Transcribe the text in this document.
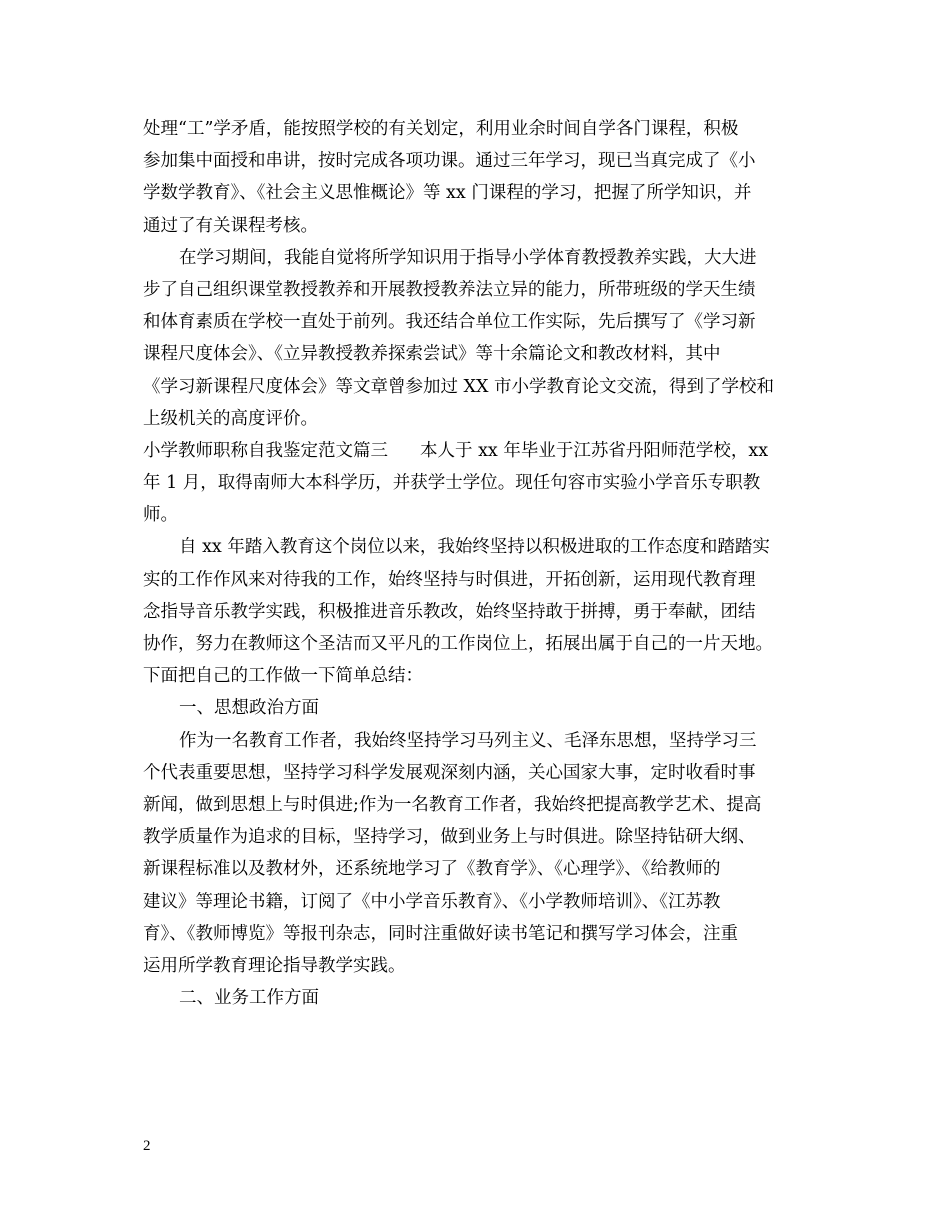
处理“工”学矛盾，能按照学校的有关划定，利用业余时间自学各门课程，积极
参加集中面授和串讲，按时完成各项功课。通过三年学习，现已当真完成了《小
学数学教育》、《社会主义思惟概论》等 xx 门课程的学习，把握了所学知识，并
通过了有关课程考核。
在学习期间，我能自觉将所学知识用于指导小学体育教授教养实践，大大进
步了自己组织课堂教授教养和开展教授教养法立异的能力，所带班级的学天生绩
和体育素质在学校一直处于前列。我还结合单位工作实际，先后撰写了《学习新
课程尺度体会》、《立异教授教养探索尝试》等十余篇论文和教改材料，其中
《学习新课程尺度体会》等文章曾参加过 XX 市小学教育论文交流，得到了学校和
上级机关的高度评价。
小学教师职称自我鉴定范文篇三 本人于 xx 年毕业于江苏省丹阳师范学校，xx
年 1 月，取得南师大本科学历，并获学士学位。现任句容市实验小学音乐专职教
师。
自 xx 年踏入教育这个岗位以来，我始终坚持以积极进取的工作态度和踏踏实
实的工作作风来对待我的工作，始终坚持与时俱进，开拓创新，运用现代教育理
念指导音乐教学实践，积极推进音乐教改，始终坚持敢于拼搏，勇于奉献，团结
协作，努力在教师这个圣洁而又平凡的工作岗位上，拓展出属于自己的一片天地。
下面把自己的工作做一下简单总结：
一、思想政治方面
作为一名教育工作者，我始终坚持学习马列主义、毛泽东思想，坚持学习三
个代表重要思想，坚持学习科学发展观深刻内涵，关心国家大事，定时收看时事
新闻，做到思想上与时俱进;作为一名教育工作者，我始终把提高教学艺术、提高
教学质量作为追求的目标，坚持学习，做到业务上与时俱进。除坚持钻研大纲、
新课程标准以及教材外，还系统地学习了《教育学》、《心理学》、《给教师的
建议》等理论书籍，订阅了《中小学音乐教育》、《小学教师培训》、《江苏教
育》、《教师博览》等报刊杂志，同时注重做好读书笔记和撰写学习体会，注重
运用所学教育理论指导教学实践。
二、业务工作方面
2
